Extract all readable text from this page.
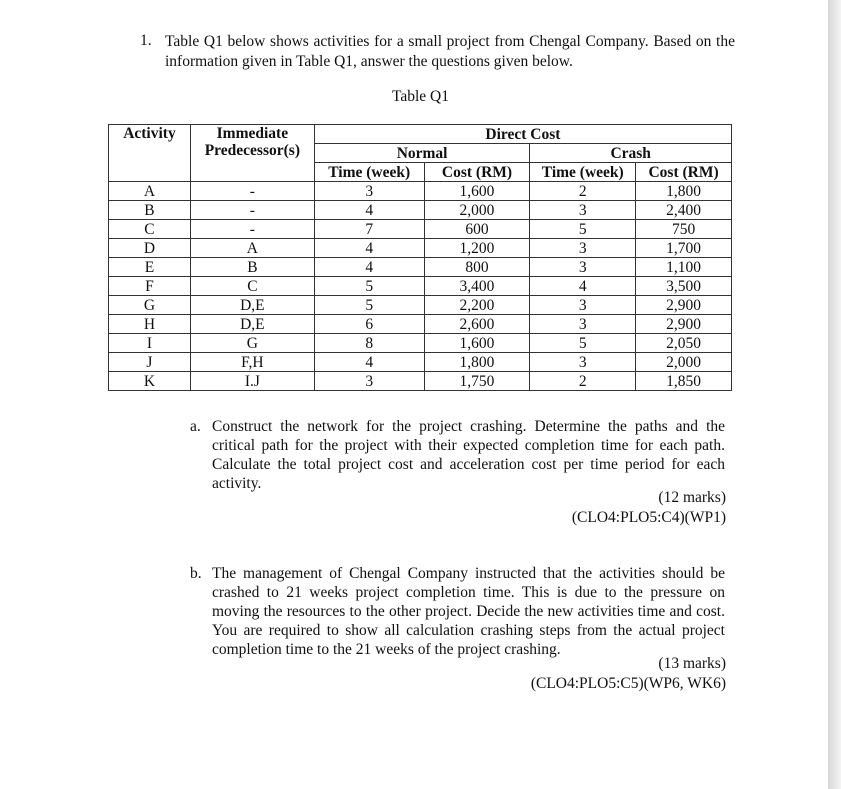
1. Table Q1 below shows activities for a small project from Chengal Company. Based on the information given in Table Q1, answer the questions given below.
Table Q1
Activity	Immediate Predecessor(s)	Direct Cost			
		Normal		Crash	
		Time (week)	Cost (RM)	Time (week)	Cost (RM)
A	-	3	1,600	2	1,800
B	-	4	2,000	3	2,400
C	-	7	600	5	750
D	A	4	1,200	3	1,700
E	B	4	800	3	1,100
F	C	5	3,400	4	3,500
G	D,E	5	2,200	3	2,900
H	D,E	6	2,600	3	2,900
I	G	8	1,600	5	2,050
J	F,H	4	1,800	3	2,000
K	I.J	3	1,750	2	1,850
a. Construct the network for the project crashing. Determine the paths and the critical path for the project with their expected completion time for each path. Calculate the total project cost and acceleration cost per time period for each activity.
(12 marks)
(CLO4:PLO5:C4)(WP1)
b. The management of Chengal Company instructed that the activities should be crashed to 21 weeks project completion time. This is due to the pressure on moving the resources to the other project. Decide the new activities time and cost. You are required to show all calculation crashing steps from the actual project completion time to the 21 weeks of the project crashing.
(13 marks)
(CLO4:PLO5:C5)(WP6, WK6)
